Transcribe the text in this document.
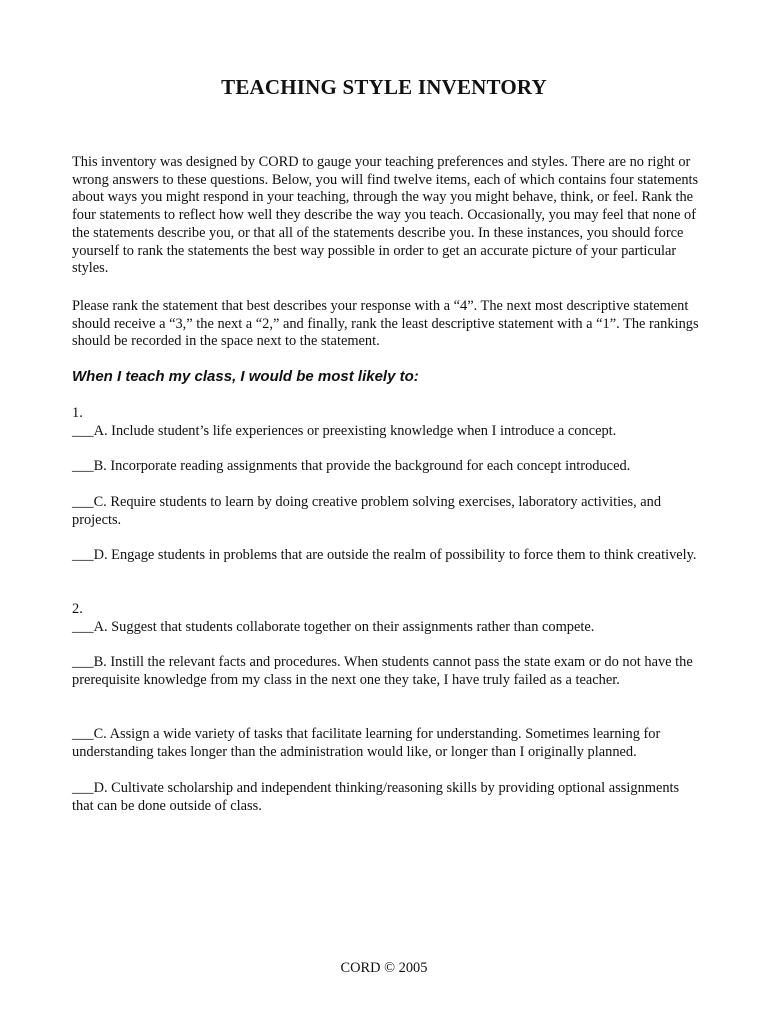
TEACHING STYLE INVENTORY

This inventory was designed by CORD to gauge your teaching preferences and styles. There are no right or wrong answers to these questions. Below, you will find twelve items, each of which contains four statements about ways you might respond in your teaching, through the way you might behave, think, or feel. Rank the four statements to reflect how well they describe the way you teach. Occasionally, you may feel that none of the statements describe you, or that all of the statements describe you. In these instances, you should force yourself to rank the statements the best way possible in order to get an accurate picture of your particular styles.

Please rank the statement that best describes your response with a “4”. The next most descriptive statement should receive a “3,” the next a “2,” and finally, rank the least descriptive statement with a “1”. The rankings should be recorded in the space next to the statement.

When I teach my class, I would be most likely to:

1.

___A. Include student’s life experiences or preexisting knowledge when I introduce a concept.

___B. Incorporate reading assignments that provide the background for each concept introduced.

___C. Require students to learn by doing creative problem solving exercises, laboratory activities, and projects.

___D. Engage students in problems that are outside the realm of possibility to force them to think creatively.

2.

___A. Suggest that students collaborate together on their assignments rather than compete.

___B. Instill the relevant facts and procedures. When students cannot pass the state exam or do not have the prerequisite knowledge from my class in the next one they take, I have truly failed as a teacher.

___C. Assign a wide variety of tasks that facilitate learning for understanding. Sometimes learning for understanding takes longer than the administration would like, or longer than I originally planned.

___D. Cultivate scholarship and independent thinking/reasoning skills by providing optional assignments that can be done outside of class.

CORD © 2005
